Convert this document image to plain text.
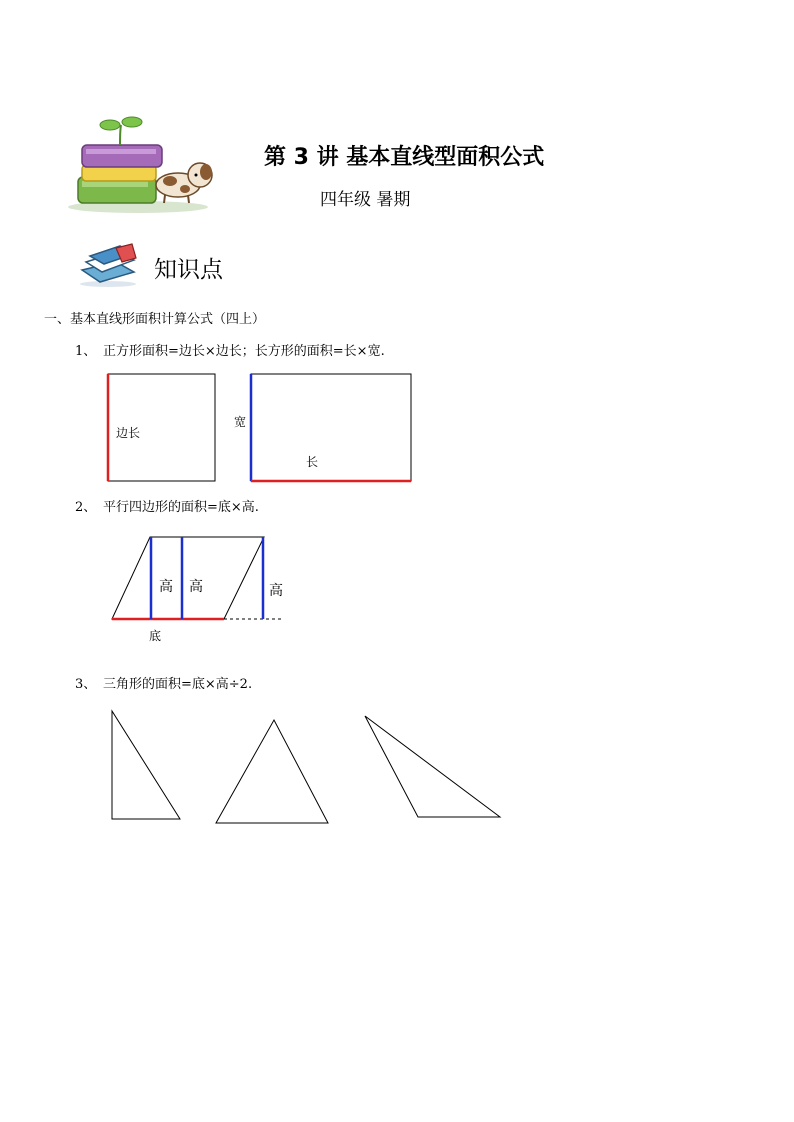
第 3 讲 基本直线型面积公式
四年级 暑期
知识点
一、基本直线形面积计算公式（四上）
1、 正方形面积=边长×边长；长方形的面积=长×宽.
边长
宽
长
2、 平行四边形的面积=底×高.
高 高	高
底
3、 三角形的面积=底×高÷2.
